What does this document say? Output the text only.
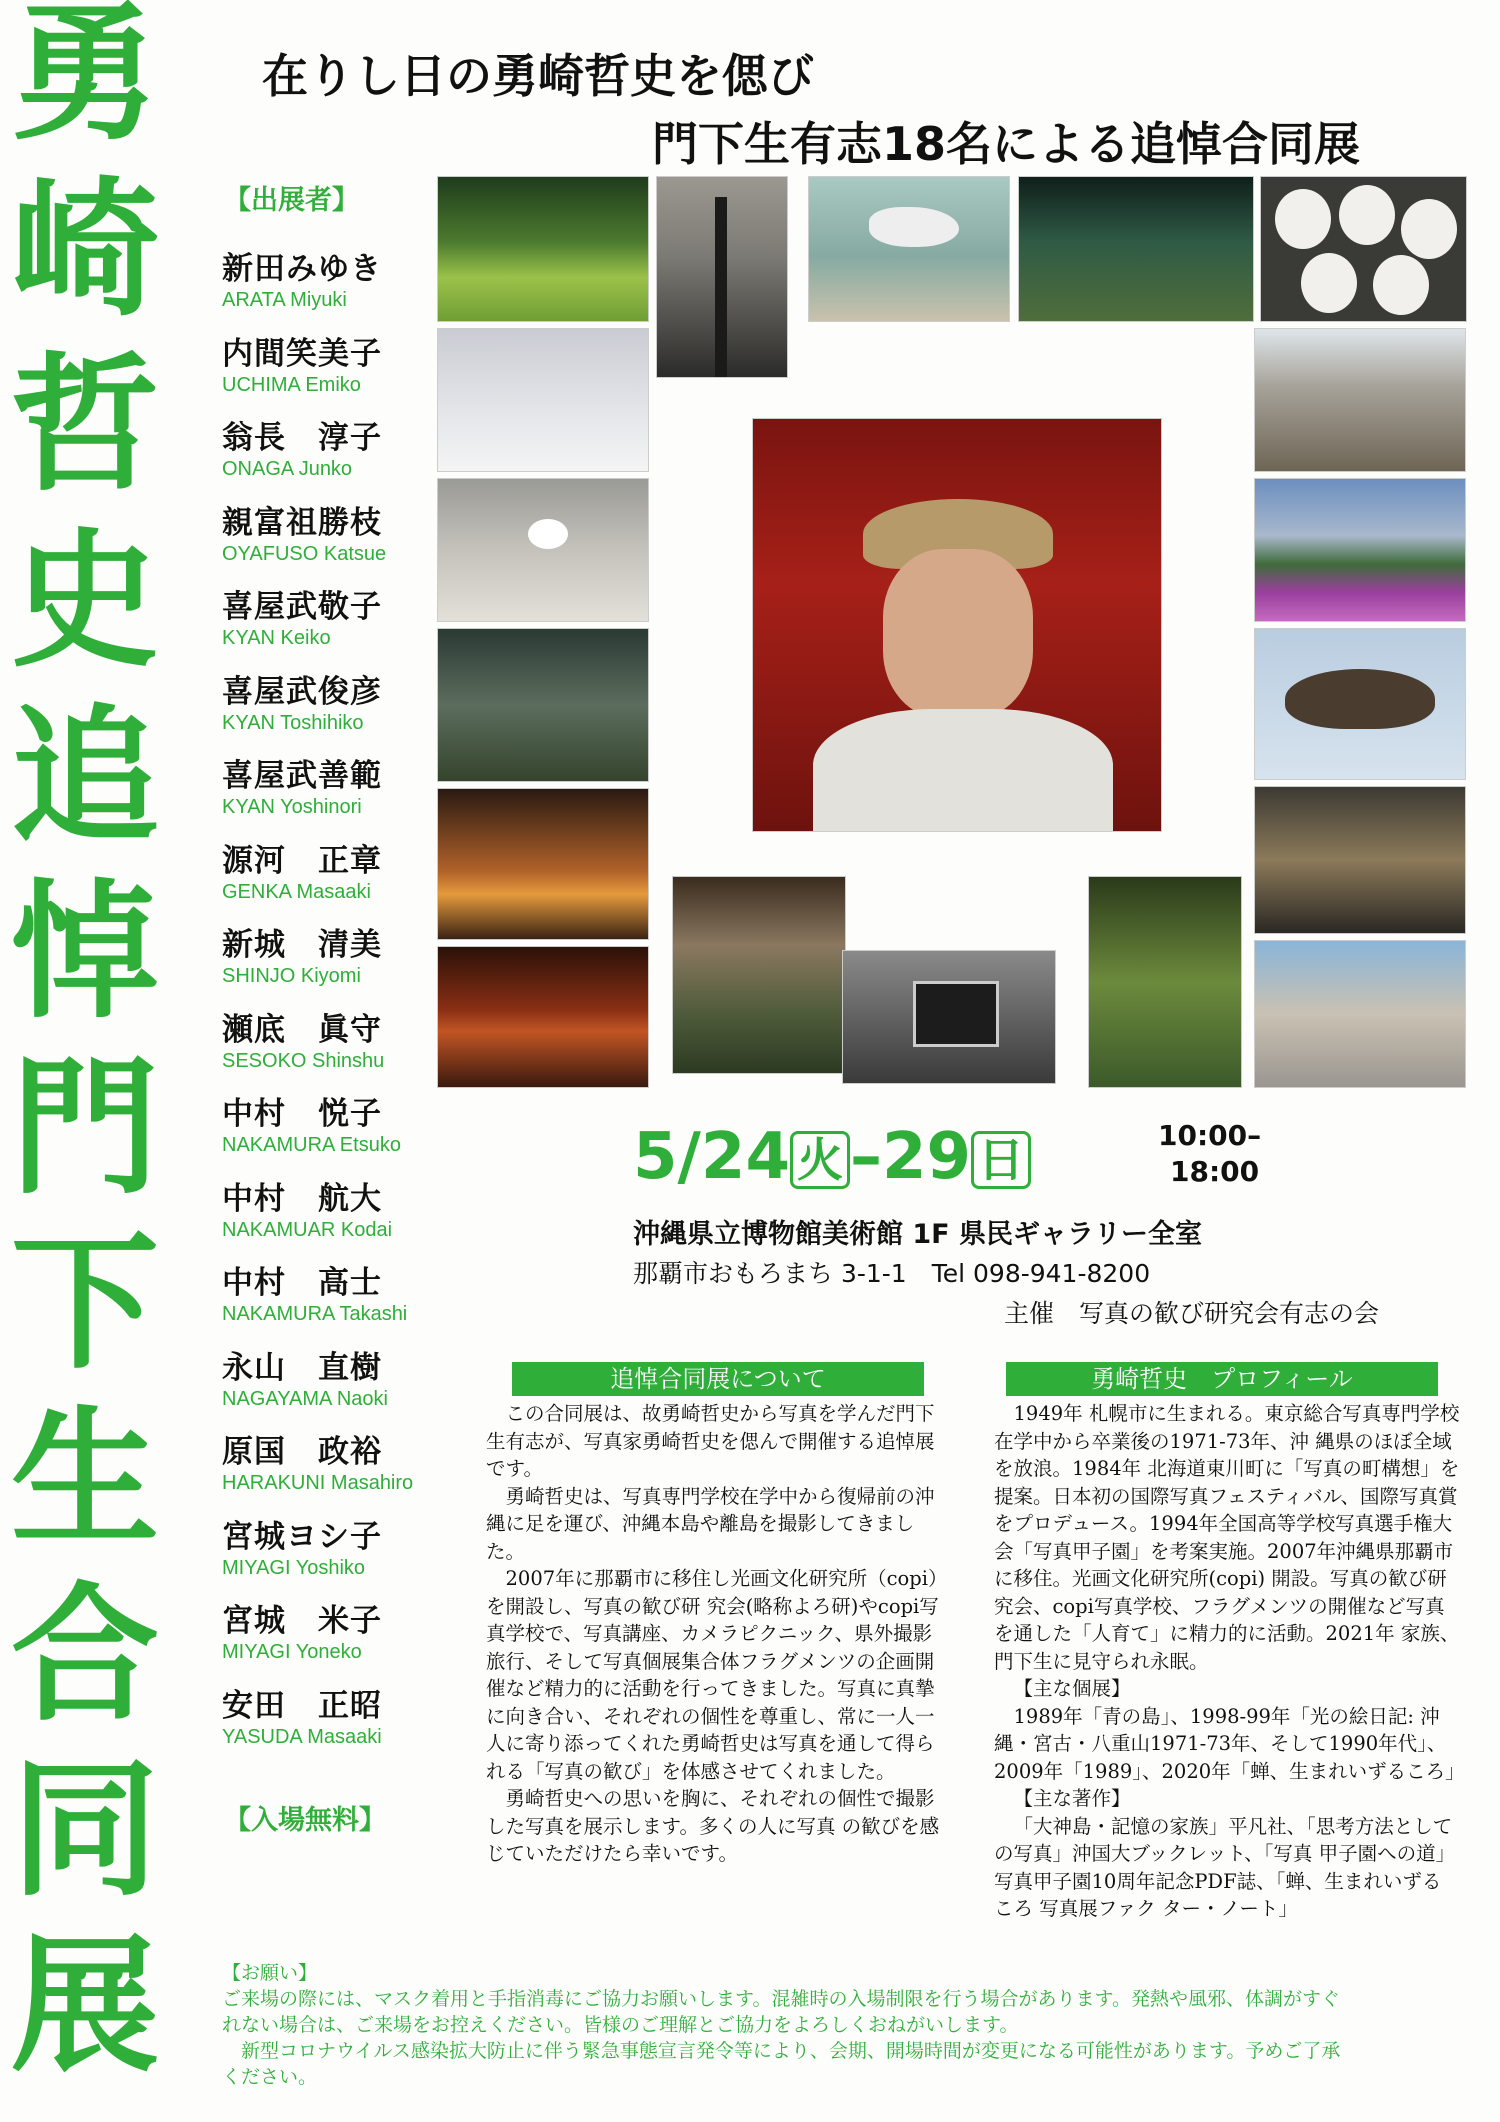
勇
崎
哲
史
追
悼
門
下
生
合
同
展
在りし日の勇崎哲史を偲び
門下生有志18名による追悼合同展
【出展者】
新田みゆき
ARATA Miyuki
内間笑美子
UCHIMA Emiko
翁長　淳子
ONAGA Junko
親富祖勝枝
OYAFUSO Katsue
喜屋武敬子
KYAN Keiko
喜屋武俊彦
KYAN Toshihiko
喜屋武善範
KYAN Yoshinori
源河　正章
GENKA Masaaki
新城　清美
SHINJO Kiyomi
瀬底　眞守
SESOKO Shinshu
中村　悦子
NAKAMURA Etsuko
中村　航大
NAKAMUAR Kodai
中村　高士
NAKAMURA Takashi
永山　直樹
NAGAYAMA Naoki
原国　政裕
HARAKUNI Masahiro
宮城ヨシ子
MIYAGI Yoshiko
宮城　米子
MIYAGI Yoneko
安田　正昭
YASUDA Masaaki
【入場無料】
5/24 火 –29 日	10:00–
18:00
沖縄県立博物館美術館 1F 県民ギャラリー全室
那覇市おもろまち 3-1-1　Tel 098-941-8200
主催　写真の歓び研究会有志の会
追悼合同展について

この合同展は、故勇崎哲史から写真を学んだ門下生有志が、写真家勇崎哲史を偲んで開催する追悼展です。

勇崎哲史は、写真専門学校在学中から復帰前の沖縄に足を運び、沖縄本島や離島を撮影してきました。

2007年に那覇市に移住し光画文化研究所（copi）を開設し、写真の歓び研 究会(略称よろ研)やcopi写真学校で、写真講座、カメラピクニック、県外撮影旅行、そして写真個展集合体フラグメンツの企画開催など精力的に活動を行ってきました。写真に真摯に向き合い、それぞれの個性を尊重し、常に一人一人に寄り添ってくれた勇崎哲史は写真を通して得られる「写真の歓び」を体感させてくれました。

勇崎哲史への思いを胸に、それぞれの個性で撮影した写真を展示します。多くの人に写真 の歓びを感じていただけたら幸いです。

勇崎哲史　プロフィール

1949年 札幌市に生まれる。東京総合写真専門学校在学中から卒業後の1971-73年、沖 縄県のほぼ全域を放浪。1984年 北海道東川町に「写真の町構想」を提案。日本初の国際写真フェスティバル、国際写真賞をプロデュース。1994年全国高等学校写真選手権大会「写真甲子園」を考案実施。2007年沖縄県那覇市に移住。光画文化研究所(copi) 開設。写真の歓び研究会、copi写真学校、フラグメンツの開催など写真を通した「人育て」に精力的に活動。2021年 家族、門下生に見守られ永眠。

【主な個展】

1989年「青の島」、1998-99年「光の絵日記: 沖縄・宮古・八重山1971-73年、そして1990年代」、2009年「1989」、2020年「蝉、生まれいずるころ」

【主な著作】

「大神島・記憶の家族」平凡社、「思考方法としての写真」沖国大ブックレット、「写真 甲子園への道」写真甲子園10周年記念PDF誌、「蝉、生まれいずるころ 写真展ファク ター・ノート」

【お願い】

ご来場の際には、マスク着用と手指消毒にご協力お願いします。混雑時の入場制限を行う場合があります。発熱や風邪、体調がすぐれない場合は、ご来場をお控えください。皆様のご理解とご協力をよろしくおねがいします。

新型コロナウイルス感染拡大防止に伴う緊急事態宣言発令等により、会期、開場時間が変更になる可能性があります。予めご了承ください。
